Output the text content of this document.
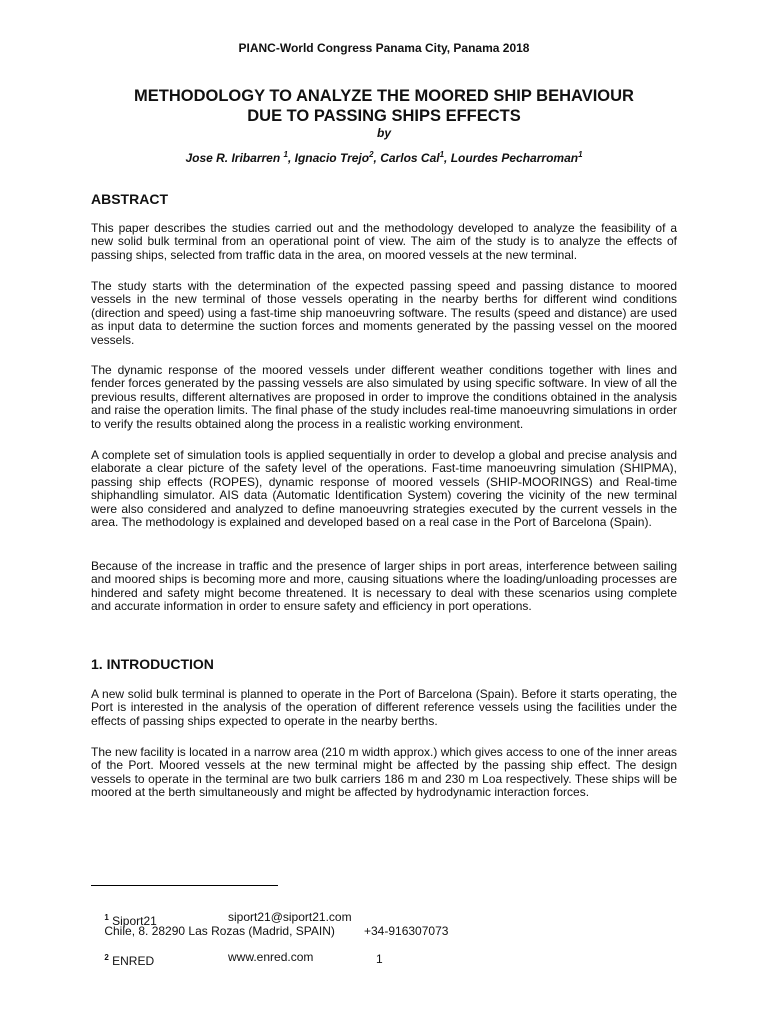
PIANC-World Congress Panama City, Panama 2018
METHODOLOGY TO ANALYZE THE MOORED SHIP BEHAVIOUR
DUE TO PASSING SHIPS EFFECTS
by
Jose R. Iribarren $^1$, Ignacio Trejo$^2$, Carlos Cal$^1$, Lourdes Pecharroman$^1$
ABSTRACT
This paper describes the studies carried out and the methodology developed to analyze the feasibility of a new solid bulk terminal from an operational point of view. The aim of the study is to analyze the effects of passing ships, selected from traffic data in the area, on moored vessels at the new terminal.
The study starts with the determination of the expected passing speed and passing distance to moored vessels in the new terminal of those vessels operating in the nearby berths for different wind conditions (direction and speed) using a fast-time ship manoeuvring software. The results (speed and distance) are used as input data to determine the suction forces and moments generated by the passing vessel on the moored vessels.
The dynamic response of the moored vessels under different weather conditions together with lines and fender forces generated by the passing vessels are also simulated by using specific software. In view of all the previous results, different alternatives are proposed in order to improve the conditions obtained in the analysis and raise the operation limits. The final phase of the study includes real-time manoeuvring simulations in order to verify the results obtained along the process in a realistic working environment.
A complete set of simulation tools is applied sequentially in order to develop a global and precise analysis and elaborate a clear picture of the safety level of the operations. Fast-time manoeuvring simulation (SHIPMA), passing ship effects (ROPES), dynamic response of moored vessels (SHIP-MOORINGS) and Real-time shiphandling simulator. AIS data (Automatic Identification System) covering the vicinity of the new terminal were also considered and analyzed to define manoeuvring strategies executed by the current vessels in the area. The methodology is explained and developed based on a real case in the Port of Barcelona (Spain).
Because of the increase in traffic and the presence of larger ships in port areas, interference between sailing and moored ships is becoming more and more, causing situations where the loading/unloading processes are hindered and safety might become threatened. It is necessary to deal with these scenarios using complete and accurate information in order to ensure safety and efficiency in port operations.
1. INTRODUCTION
A new solid bulk terminal is planned to operate in the Port of Barcelona (Spain). Before it starts operating, the Port is interested in the analysis of the operation of different reference vessels using the facilities under the effects of passing ships expected to operate in the nearby berths.
The new facility is located in a narrow area (210 m width approx.) which gives access to one of the inner areas of the Port. Moored vessels at the new terminal might be affected by the passing ship effect. The design vessels to operate in the terminal are two bulk carriers 186 m and 230 m Loa respectively. These ships will be moored at the berth simultaneously and might be affected by hydrodynamic interaction forces.

$^1$ Siport21	siport21@siport21.com

Chile, 8. 28290 Las Rozas (Madrid, SPAIN) +34-916307073

$^2$ ENRED	www.enred.com

	1
